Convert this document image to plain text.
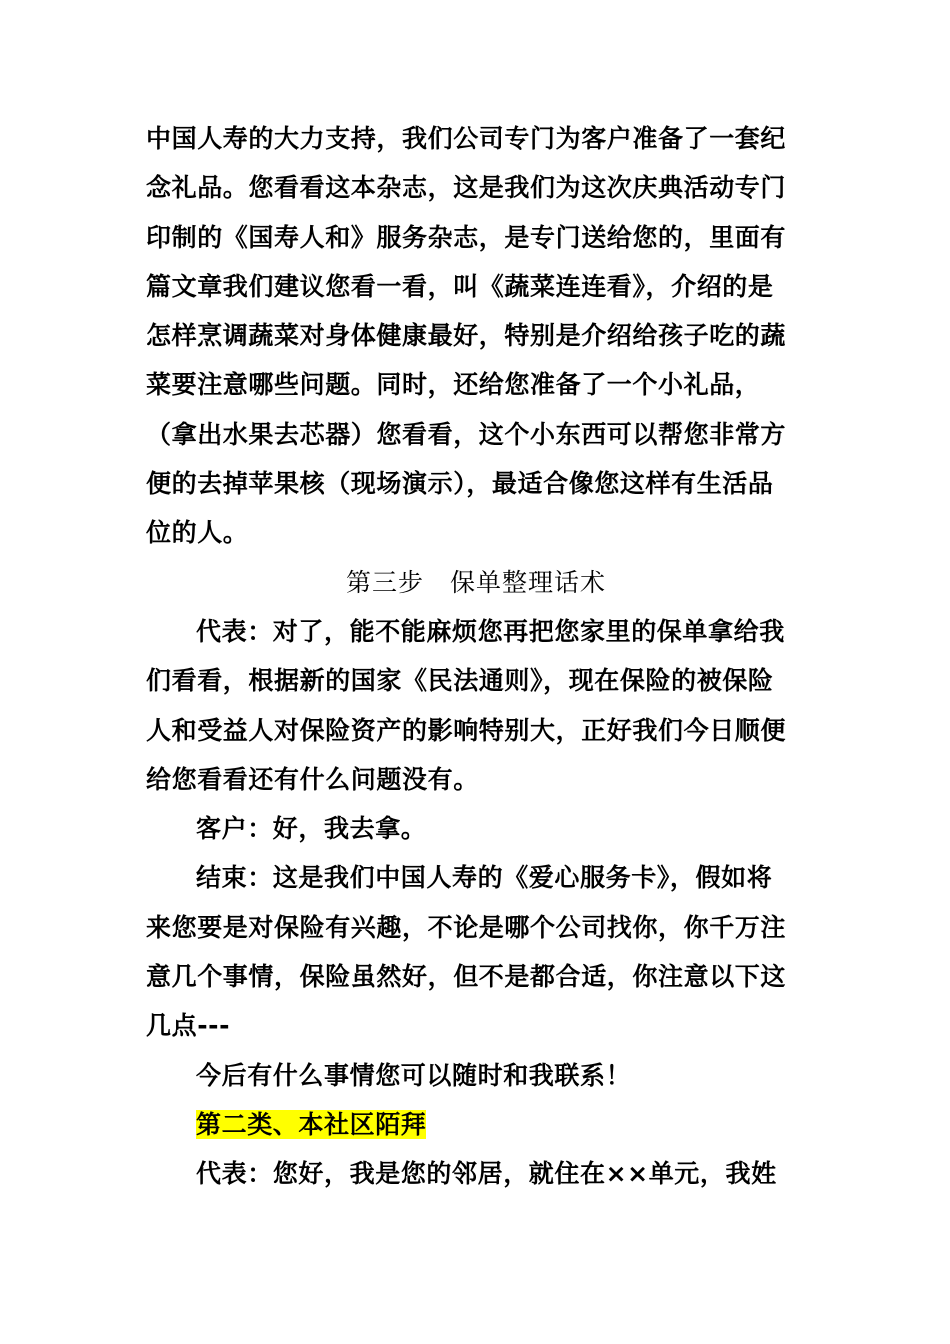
中国人寿的大力支持，我们公司专门为客户准备了一套纪
念礼品。您看看这本杂志，这是我们为这次庆典活动专门
印制的《国寿人和》服务杂志，是专门送给您的，里面有
篇文章我们建议您看一看，叫《蔬菜连连看》，介绍的是
怎样烹调蔬菜对身体健康最好，特别是介绍给孩子吃的蔬
菜要注意哪些问题。同时，还给您准备了一个小礼品，
（拿出水果去芯器）您看看，这个小东西可以帮您非常方
便的去掉苹果核（现场演示），最适合像您这样有生活品
位的人。
第三步　保单整理话术
代表：对了，能不能麻烦您再把您家里的保单拿给我
们看看，根据新的国家《民法通则》，现在保险的被保险
人和受益人对保险资产的影响特别大，正好我们今日顺便
给您看看还有什么问题没有。
客户：好，我去拿。
结束：这是我们中国人寿的《爱心服务卡》，假如将
来您要是对保险有兴趣，不论是哪个公司找你，你千万注
意几个事情，保险虽然好，但不是都合适，你注意以下这
几点---
今后有什么事情您可以随时和我联系！
第二类、本社区陌拜
代表：您好，我是您的邻居，就住在××单元，我姓
